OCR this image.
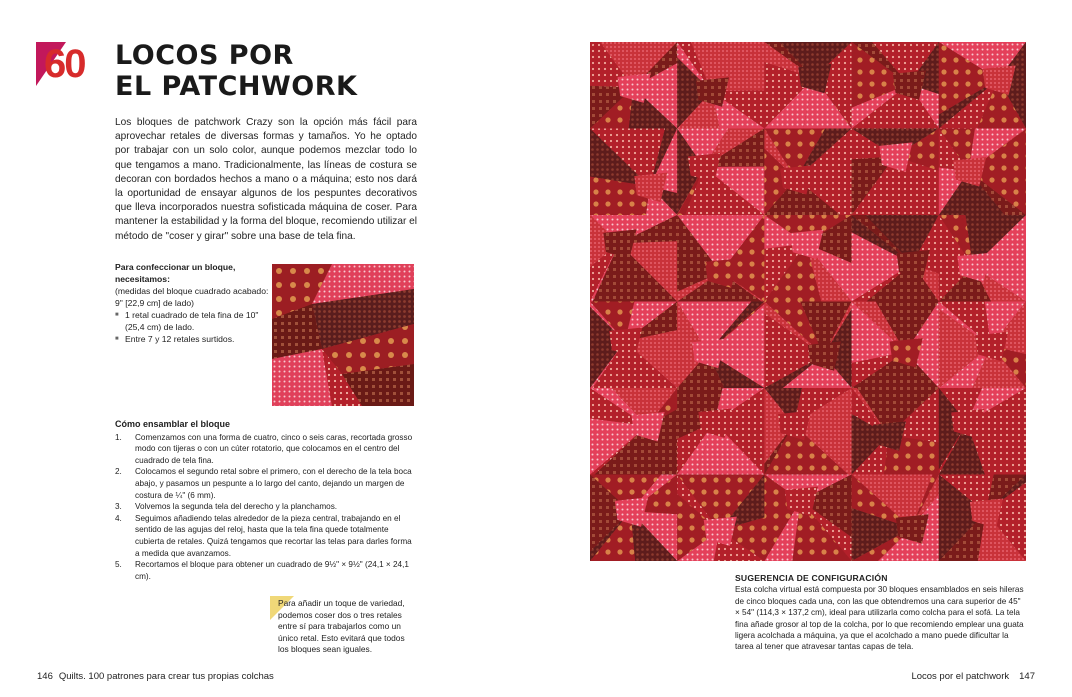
60 LOCOS POR
EL PATCHWORK
Los bloques de patchwork Crazy son la opción más fácil para aprovechar retales de diversas formas y tamaños. Yo he optado por trabajar con un solo color, aunque podemos mezclar todo lo que tengamos a mano. Tradicionalmente, las líneas de costura se decoran con bordados hechos a mano o a máquina; esto nos dará la oportunidad de ensayar algunos de los pespuntes decorativos que lleva incorporados nuestra sofisticada máquina de coser. Para mantener la estabilidad y la forma del bloque, recomiendo utilizar el método de "coser y girar" sobre una base de tela fina.
Para confeccionar un bloque, necesitamos:
(medidas del bloque cuadrado acabado: 9" [22,9 cm] de lado)
■ 1 retal cuadrado de tela fina de 10" (25,4 cm) de lado.
■ Entre 7 y 12 retales surtidos.
Cómo ensamblar el bloque
1. Comenzamos con una forma de cuatro, cinco o seis caras, recortada grosso modo con tijeras o con un cúter rotatorio, que colocamos en el centro del cuadrado de tela fina.
2. Colocamos el segundo retal sobre el primero, con el derecho de la tela boca abajo, y pasamos un pespunte a lo largo del canto, dejando un margen de costura de ¼" (6 mm).
3. Volvemos la segunda tela del derecho y la planchamos.
4. Seguimos añadiendo telas alrededor de la pieza central, trabajando en el sentido de las agujas del reloj, hasta que la tela fina quede totalmente cubierta de retales. Quizá tengamos que recortar las telas para darles forma a medida que avanzamos.
5. Recortamos el bloque para obtener un cuadrado de 9½" × 9½" (24,1 × 24,1 cm).
Para añadir un toque de variedad, podemos coser dos o tres retales entre sí para trabajarlos como un único retal. Esto evitará que todos los bloques sean iguales.
146 Quilts. 100 patrones para crear tus propias colchas
SUGERENCIA DE CONFIGURACIÓN
Esta colcha virtual está compuesta por 30 bloques ensamblados en seis hileras de cinco bloques cada una, con las que obtendremos una cara superior de 45" × 54" (114,3 × 137,2 cm), ideal para utilizarla como colcha para el sofá. La tela fina añade grosor al top de la colcha, por lo que recomiendo emplear una guata ligera acolchada a máquina, ya que el acolchado a mano puede dificultar la tarea al tener que atravesar tantas capas de tela.
Locos por el patchwork 147
